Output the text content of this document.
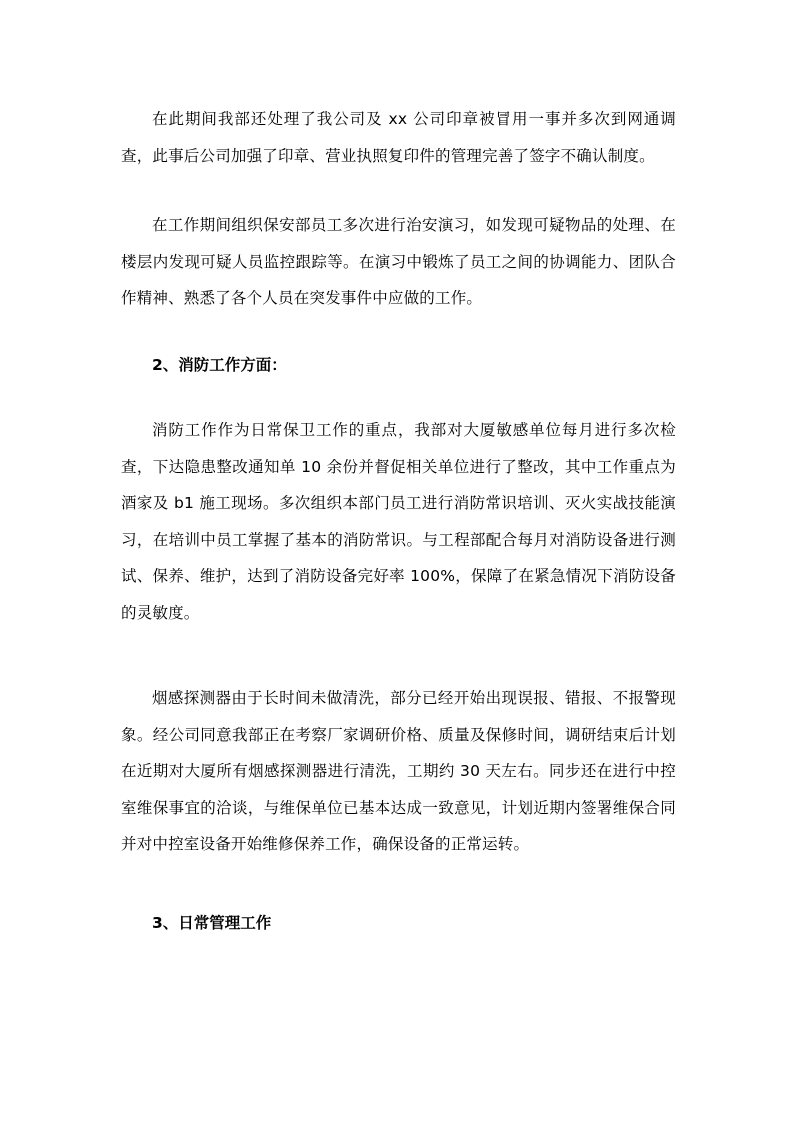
在此期间我部还处理了我公司及 xx 公司印章被冒用一事并多次到网通调查，此事后公司加强了印章、营业执照复印件的管理完善了签字不确认制度。

在工作期间组织保安部员工多次进行治安演习，如发现可疑物品的处理、在楼层内发现可疑人员监控跟踪等。在演习中锻炼了员工之间的协调能力、团队合作精神、熟悉了各个人员在突发事件中应做的工作。

2、消防工作方面：

消防工作作为日常保卫工作的重点，我部对大厦敏感单位每月进行多次检查，下达隐患整改通知单 10 余份并督促相关单位进行了整改，其中工作重点为酒家及 b1 施工现场。多次组织本部门员工进行消防常识培训、灭火实战技能演习，在培训中员工掌握了基本的消防常识。与工程部配合每月对消防设备进行测试、保养、维护，达到了消防设备完好率 100%，保障了在紧急情况下消防设备的灵敏度。

烟感探测器由于长时间未做清洗，部分已经开始出现误报、错报、不报警现象。经公司同意我部正在考察厂家调研价格、质量及保修时间，调研结束后计划在近期对大厦所有烟感探测器进行清洗，工期约 30 天左右。同步还在进行中控室维保事宜的洽谈，与维保单位已基本达成一致意见，计划近期内签署维保合同并对中控室设备开始维修保养工作，确保设备的正常运转。

3、日常管理工作
